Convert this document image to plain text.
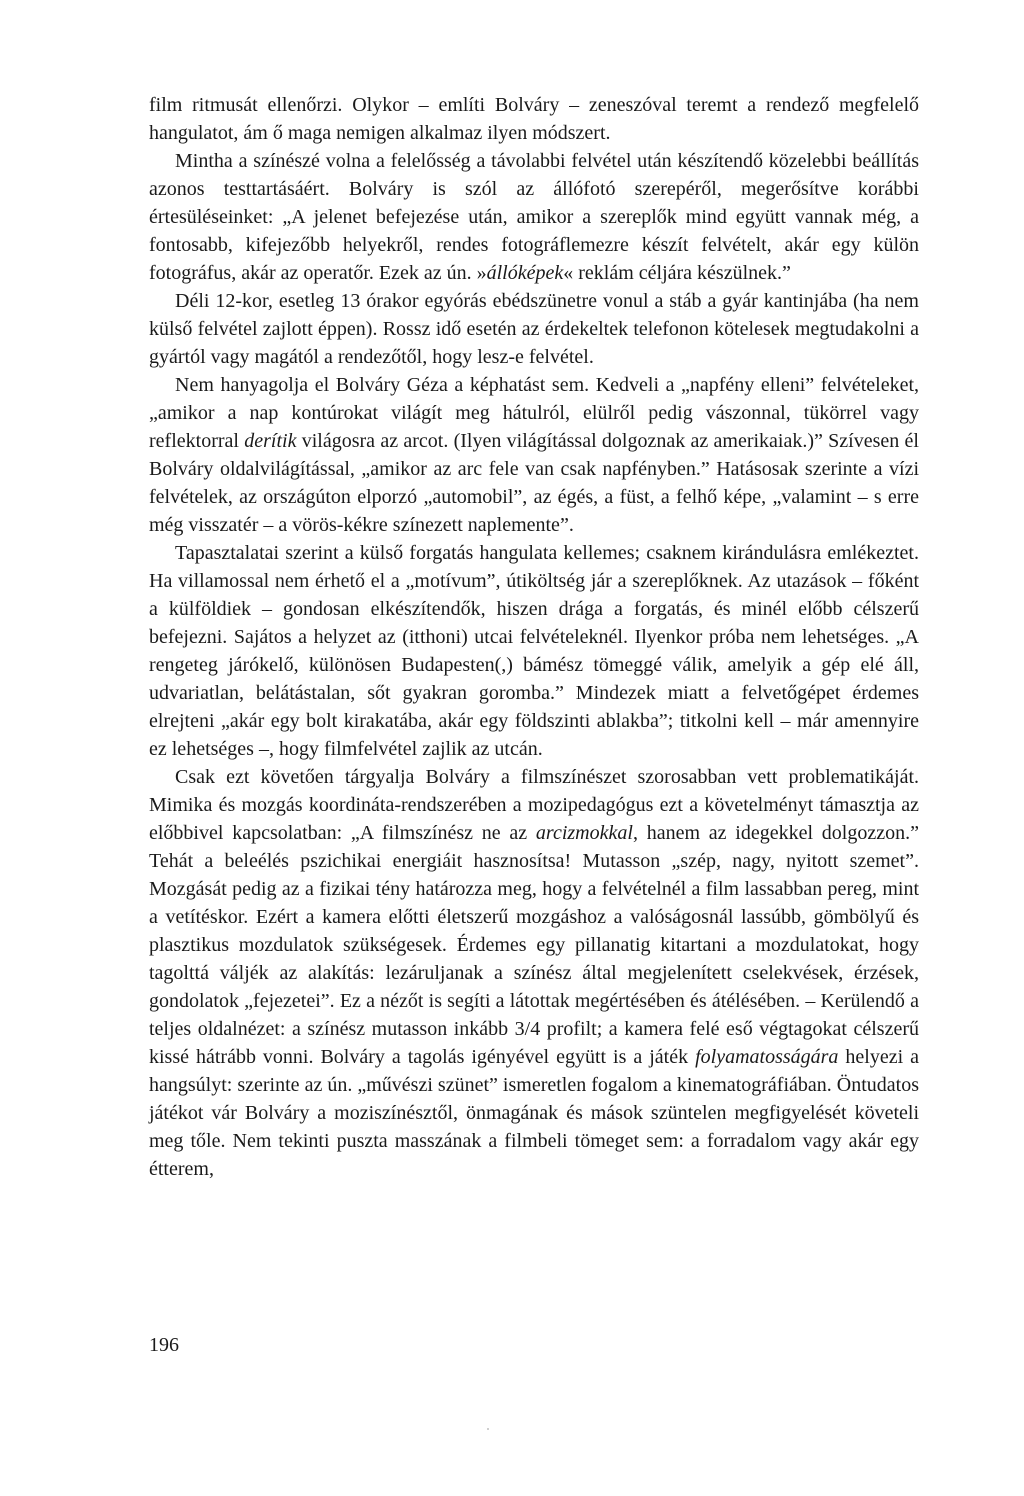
film ritmusát ellenőrzi. Olykor – említi Bolváry – zeneszóval teremt a rendező megfelelő hangulatot, ám ő maga nemigen alkalmaz ilyen módszert.

Mintha a színészé volna a felelősség a távolabbi felvétel után készítendő közelebbi beállítás azonos testtartásáért. Bolváry is szól az állófotó szerepéről, megerősítve korábbi értesüléseinket: „A jelenet befejezése után, amikor a szereplők mind együtt vannak még, a fontosabb, kifejezőbb helyekről, rendes fotográflemezre készít felvételt, akár egy külön fotográfus, akár az operatőr. Ezek az ún. »állóképek« reklám céljára készülnek.”

Déli 12-kor, esetleg 13 órakor egyórás ebédszünetre vonul a stáb a gyár kantinjába (ha nem külső felvétel zajlott éppen). Rossz idő esetén az érdekeltek telefonon kötelesek megtudakolni a gyártól vagy magától a rendezőtől, hogy lesz-e felvétel.

Nem hanyagolja el Bolváry Géza a képhatást sem. Kedveli a „napfény elleni” felvételeket, „amikor a nap kontúrokat világít meg hátulról, elülről pedig vászonnal, tükörrel vagy reflektorral derítik világosra az arcot. (Ilyen világítással dolgoznak az amerikaiak.)” Szívesen él Bolváry oldalvilágítással, „amikor az arc fele van csak napfényben.” Hatásosak szerinte a vízi felvételek, az országúton elporzó „automobil”, az égés, a füst, a felhő képe, „valamint – s erre még visszatér – a vörös-kékre színezett naplemente”.

Tapasztalatai szerint a külső forgatás hangulata kellemes; csaknem kirándulásra emlékeztet. Ha villamossal nem érhető el a „motívum”, útiköltség jár a szereplőknek. Az utazások – főként a külföldiek – gondosan elkészítendők, hiszen drága a forgatás, és minél előbb célszerű befejezni. Sajátos a helyzet az (itthoni) utcai felvételeknél. Ilyenkor próba nem lehetséges. „A rengeteg járókelő, különösen Budapesten(,) bámész tömeggé válik, amelyik a gép elé áll, udvariatlan, belátástalan, sőt gyakran goromba.” Mindezek miatt a felvetőgépet érdemes elrejteni „akár egy bolt kirakatába, akár egy földszinti ablakba”; titkolni kell – már amennyire ez lehetséges –, hogy filmfelvétel zajlik az utcán.

Csak ezt követően tárgyalja Bolváry a filmszínészet szorosabban vett problematikáját. Mimika és mozgás koordináta-rendszerében a mozipedagógus ezt a követelményt támasztja az előbbivel kapcsolatban: „A filmszínész ne az arcizmokkal, hanem az idegekkel dolgozzon.” Tehát a beleélés pszichikai energiáit hasznosítsa! Mutasson „szép, nagy, nyitott szemet”. Mozgását pedig az a fizikai tény határozza meg, hogy a felvételnél a film lassabban pereg, mint a vetítéskor. Ezért a kamera előtti életszerű mozgáshoz a valóságosnál lassúbb, gömbölyű és plasztikus mozdulatok szükségesek. Érdemes egy pillanatig kitartani a mozdulatokat, hogy tagolttá váljék az alakítás: lezáruljanak a színész által megjelenített cselekvések, érzések, gondolatok „fejezetei”. Ez a nézőt is segíti a látottak megértésében és átélésében. – Kerülendő a teljes oldalnézet: a színész mutasson inkább 3/4 profilt; a kamera felé eső végtagokat célszerű kissé hátrább vonni. Bolváry a tagolás igényével együtt is a játék folyamatosságára helyezi a hangsúlyt: szerinte az ún. „művészi szünet” ismeretlen fogalom a kinematográfiában. Öntudatos játékot vár Bolváry a moziszínésztől, önmagának és mások szüntelen megfigyelését követeli meg tőle. Nem tekinti puszta masszának a filmbeli tömeget sem: a forradalom vagy akár egy étterem,

196
